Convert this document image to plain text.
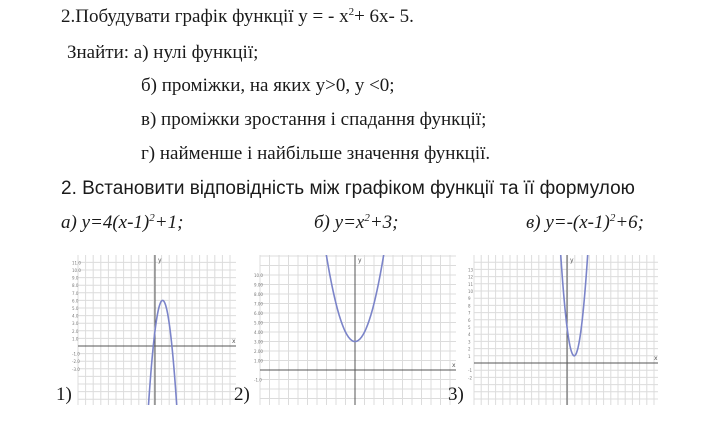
2.Побудувати графік функції y = - $x^2+ 6x-$ 5.
Знайти: а) нулі функції;
б) проміжки, на яких y>0, y <0;
в) проміжки зростання і спадання функції;
г) найменше і найбільше значення функції.
2. Встановити відповідність між графіком функції та її формулою
а) $y=4(x-1)^2+1$;	б) $y=x^2+3$;	в) $y=-(x-1)^2+6$;
y
x
11.0
10.0
9.0
8.0
7.0
6.0
5.0
4.0
3.0
2.0
1.0
-1.0
-2.0
-3.0
1)
y
x
10.0
9.00
8.00
7.00
6.00
5.00
4.00
3.00
2.00
1.00
-1.0
2)
y
x
13
12
11
10
9
8
7
6
5
4
3
2
1
-1
-2
3)
